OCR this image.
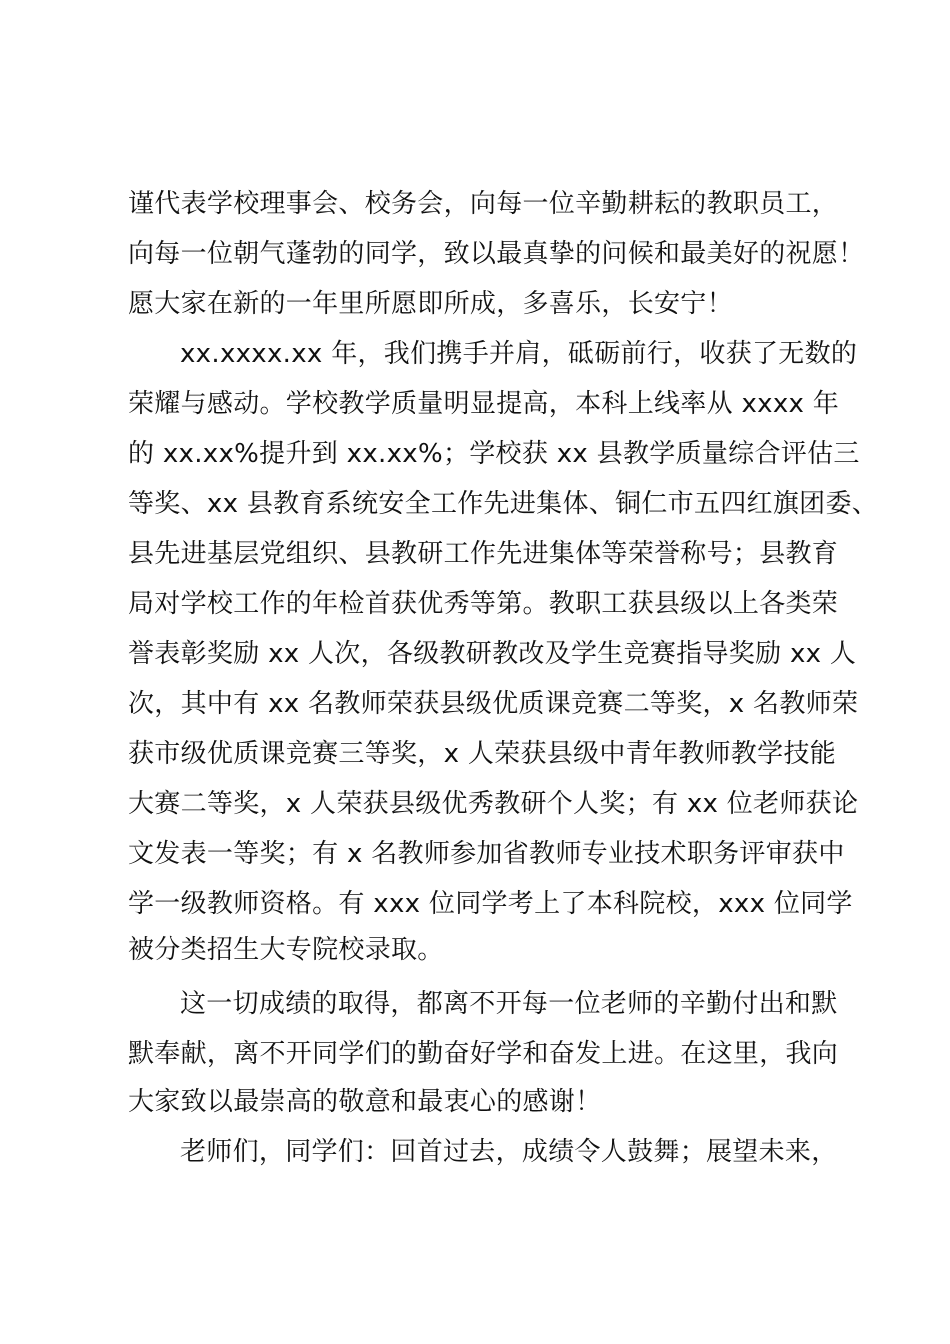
谨代表学校理事会、校务会，向每一位辛勤耕耘的教职员工，
向每一位朝气蓬勃的同学，致以最真挚的问候和最美好的祝愿！
愿大家在新的一年里所愿即所成，多喜乐，长安宁！
xx.xxxx.xx 年，我们携手并肩，砥砺前行，收获了无数的
荣耀与感动。学校教学质量明显提高，本科上线率从 xxxx 年
的 xx.xx%提升到 xx.xx%；学校获 xx 县教学质量综合评估三
等奖、xx 县教育系统安全工作先进集体、铜仁市五四红旗团委、
县先进基层党组织、县教研工作先进集体等荣誉称号；县教育
局对学校工作的年检首获优秀等第。教职工获县级以上各类荣
誉表彰奖励 xx 人次，各级教研教改及学生竞赛指导奖励 xx 人
次，其中有 xx 名教师荣获县级优质课竞赛二等奖，x 名教师荣
获市级优质课竞赛三等奖，x 人荣获县级中青年教师教学技能
大赛二等奖，x 人荣获县级优秀教研个人奖；有 xx 位老师获论
文发表一等奖；有 x 名教师参加省教师专业技术职务评审获中
学一级教师资格。有 xxx 位同学考上了本科院校，xxx 位同学
被分类招生大专院校录取。
这一切成绩的取得，都离不开每一位老师的辛勤付出和默
默奉献，离不开同学们的勤奋好学和奋发上进。在这里，我向
大家致以最崇高的敬意和最衷心的感谢！
老师们，同学们：回首过去，成绩令人鼓舞；展望未来，
